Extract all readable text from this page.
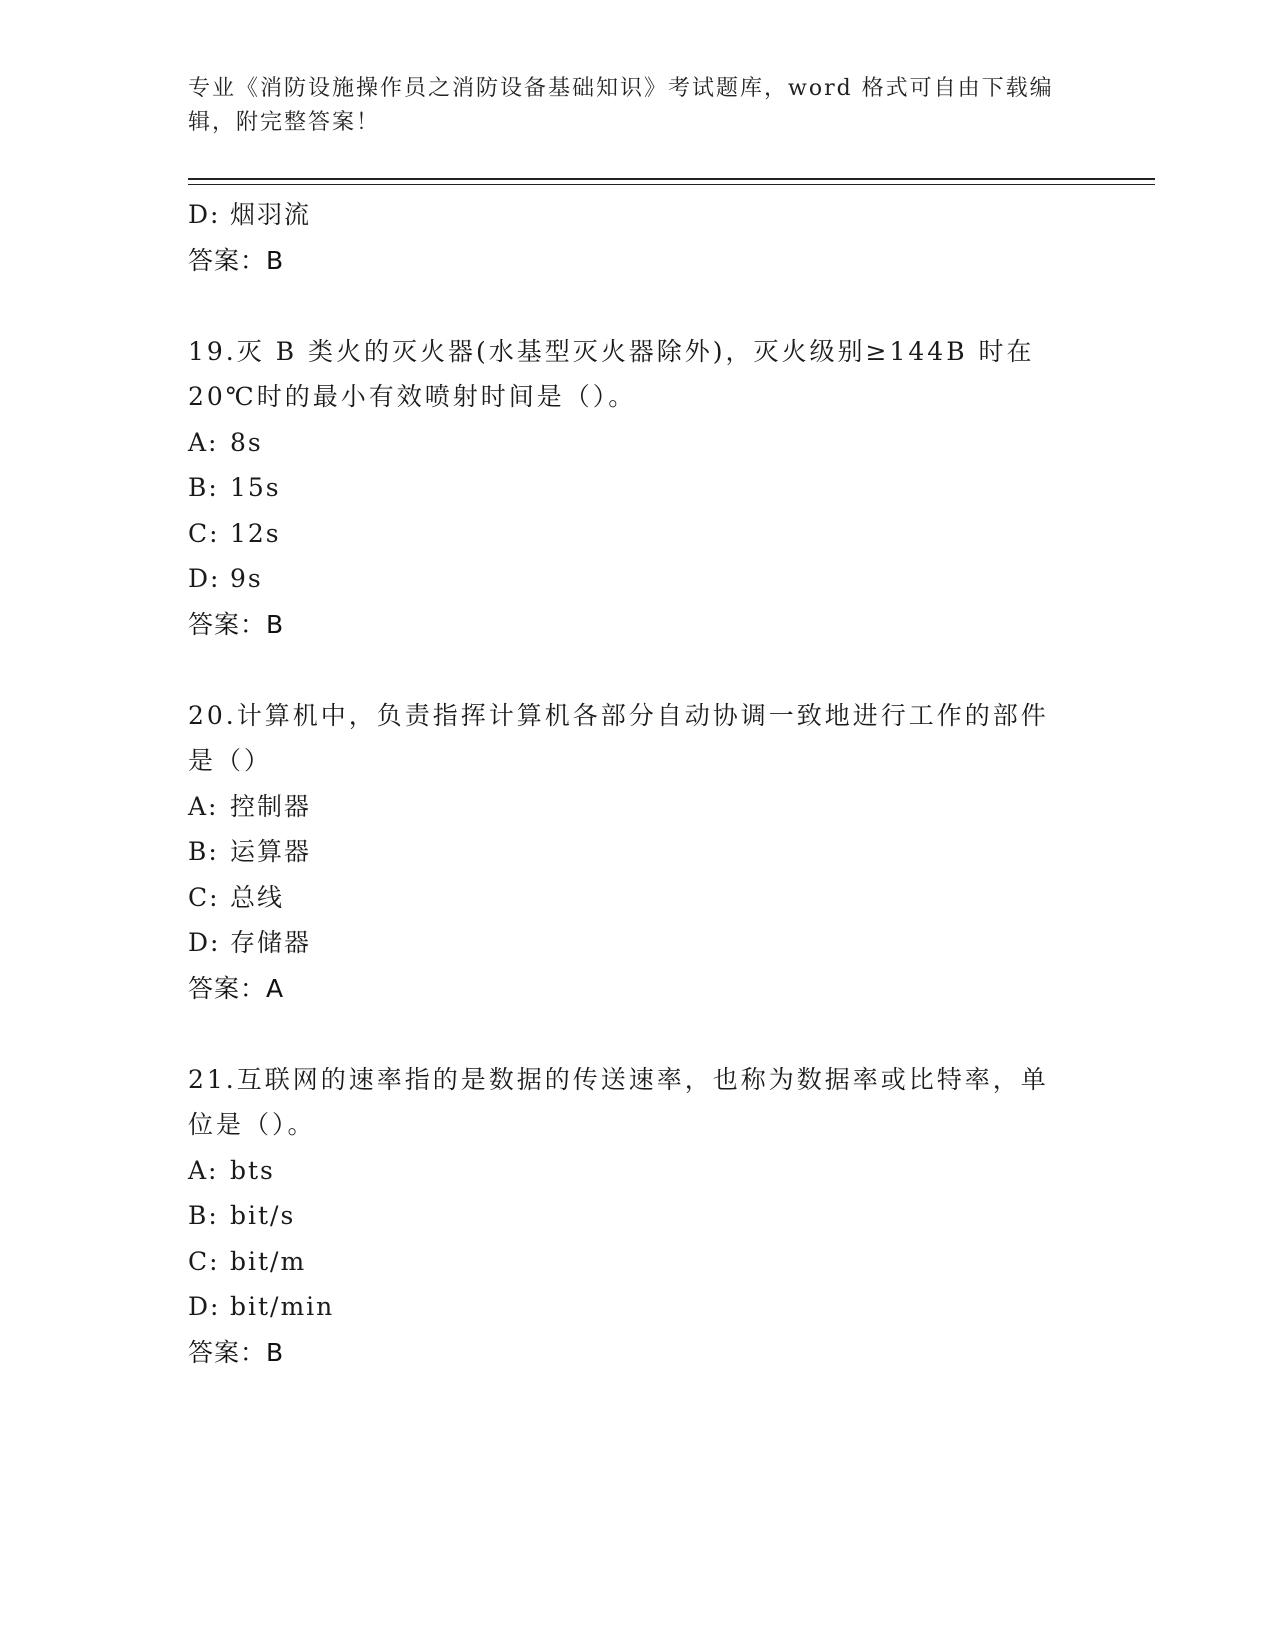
专业《消防设施操作员之消防设备基础知识》考试题库，word 格式可自由下载编
辑，附完整答案！
D: 烟羽流
答案：B
19.灭 B 类火的灭火器(水基型灭火器除外)，灭火级别≥144B 时在
20℃时的最小有效喷射时间是（）。
A: 8s
B: 15s
C: 12s
D: 9s
答案：B
20.计算机中，负责指挥计算机各部分自动协调一致地进行工作的部件
是（）
A: 控制器
B: 运算器
C: 总线
D: 存储器
答案：A
21.互联网的速率指的是数据的传送速率，也称为数据率或比特率，单
位是（）。
A: bts
B: bit/s
C: bit/m
D: bit/min
答案：B
